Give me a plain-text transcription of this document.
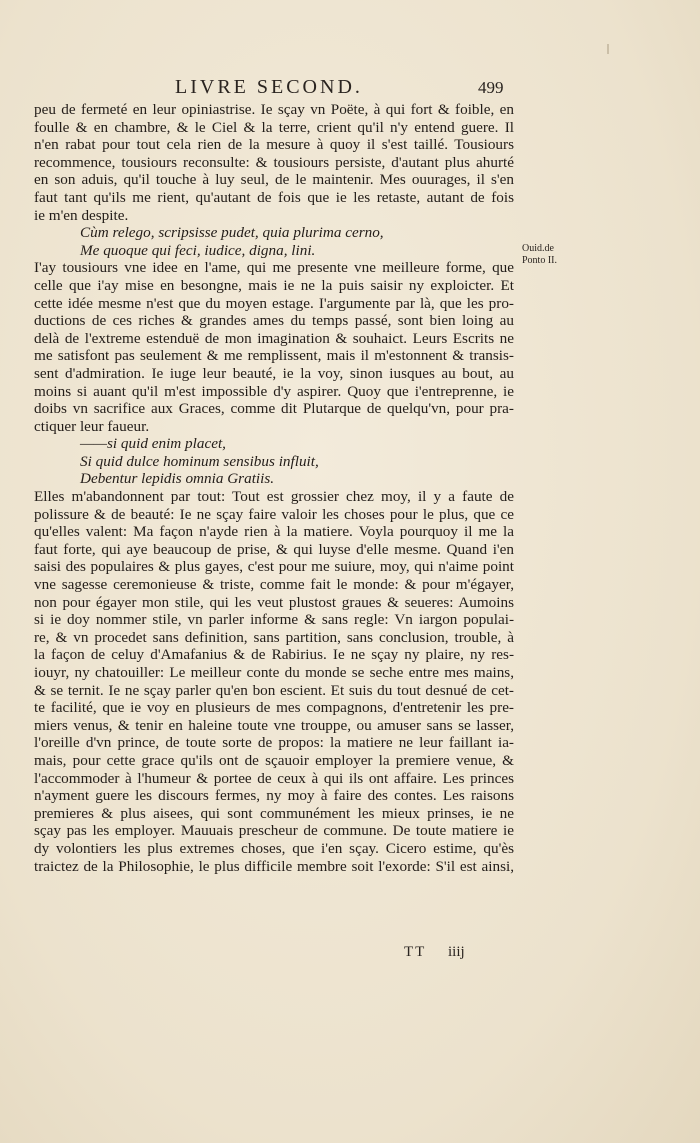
LIVRE SECOND.	499
peu de fermeté en leur opiniastrise. Ie sçay vn Poëte, à qui fort & foible, en
foulle & en chambre, & le Ciel & la terre, crient qu'il n'y entend guere. Il
n'en rabat pour tout cela rien de la mesure à quoy il s'est taillé. Tousiours
recommence, tousiours reconsulte: & tousiours persiste, d'autant plus ahurté
en son aduis, qu'il touche à luy seul, de le maintenir. Mes ouurages, il s'en
faut tant qu'ils me rient, qu'autant de fois que ie les retaste, autant de fois
ie m'en despite.
Cùm relego, scripsisse pudet, quia plurima cerno,
Me quoque qui feci, iudice, digna, lini.
I'ay tousiours vne idee en l'ame, qui me presente vne meilleure forme, que
celle que i'ay mise en besongne, mais ie ne la puis saisir ny exploicter. Et
cette idée mesme n'est que du moyen estage. I'argumente par là, que les pro-
ductions de ces riches & grandes ames du temps passé, sont bien loing au
delà de l'extreme estenduë de mon imagination & souhaict. Leurs Escrits ne
me satisfont pas seulement & me remplissent, mais il m'estonnent & transis-
sent d'admiration. Ie iuge leur beauté, ie la voy, sinon iusques au bout, au
moins si auant qu'il m'est impossible d'y aspirer. Quoy que i'entreprenne, ie
doibs vn sacrifice aux Graces, comme dit Plutarque de quelqu'vn, pour pra-
ctiquer leur faueur.
——si quid enim placet,
Si quid dulce hominum sensibus influit,
Debentur lepidis omnia Gratiis.
Elles m'abandonnent par tout: Tout est grossier chez moy, il y a faute de
polissure & de beauté: Ie ne sçay faire valoir les choses pour le plus, que ce
qu'elles valent: Ma façon n'ayde rien à la matiere. Voyla pourquoy il me la
faut forte, qui aye beaucoup de prise, & qui luyse d'elle mesme. Quand i'en
saisi des populaires & plus gayes, c'est pour me suiure, moy, qui n'aime point
vne sagesse ceremonieuse & triste, comme fait le monde: & pour m'égayer,
non pour égayer mon stile, qui les veut plustost graues & seueres: Aumoins
si ie doy nommer stile, vn parler informe & sans regle: Vn iargon populai-
re, & vn procedet sans definition, sans partition, sans conclusion, trouble, à
la façon de celuy d'Amafanius & de Rabirius. Ie ne sçay ny plaire, ny res-
iouyr, ny chatouiller: Le meilleur conte du monde se seche entre mes mains,
& se ternit. Ie ne sçay parler qu'en bon escient. Et suis du tout desnué de cet-
te facilité, que ie voy en plusieurs de mes compagnons, d'entretenir les pre-
miers venus, & tenir en haleine toute vne trouppe, ou amuser sans se lasser,
l'oreille d'vn prince, de toute sorte de propos: la matiere ne leur faillant ia-
mais, pour cette grace qu'ils ont de sçauoir employer la premiere venue, &
l'accommoder à l'humeur & portee de ceux à qui ils ont affaire. Les princes
n'ayment guere les discours fermes, ny moy à faire des contes. Les raisons
premieres & plus aisees, qui sont communément les mieux prinses, ie ne
sçay pas les employer. Mauuais prescheur de commune. De toute matiere ie
dy volontiers les plus extremes choses, que i'en sçay. Cicero estime, qu'ès
traictez de la Philosophie, le plus difficile membre soit l'exorde: S'il est ainsi,
Ouid.de
Ponto II.
TT iiij
